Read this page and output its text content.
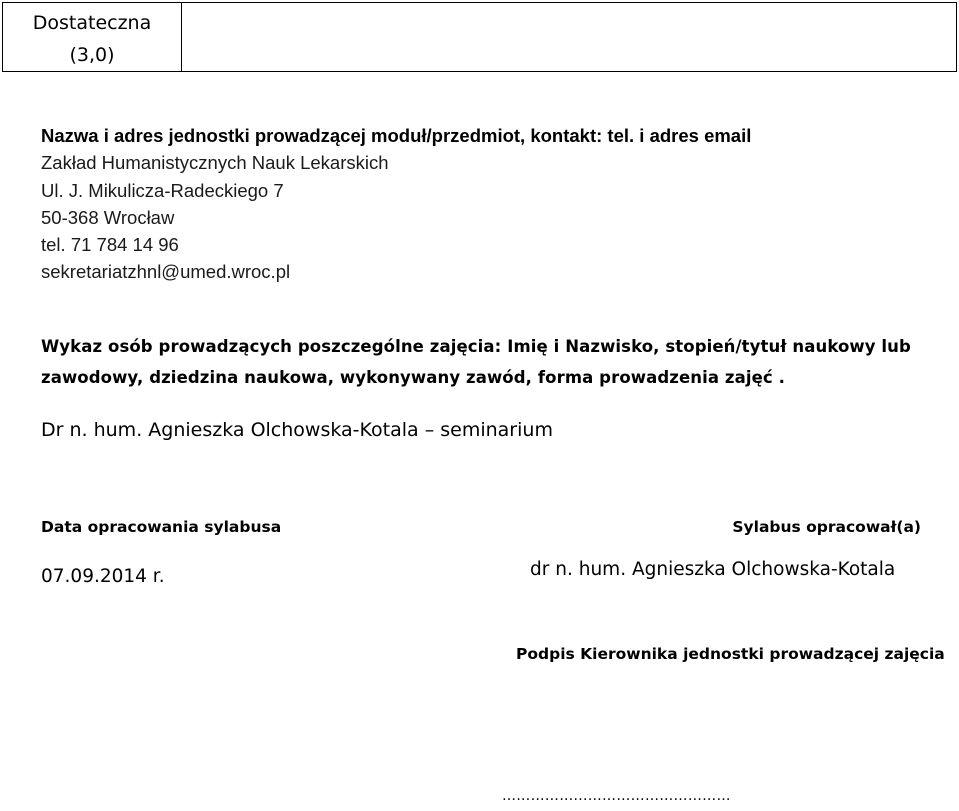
Dostateczna
(3,0)
Nazwa i adres jednostki prowadzącej moduł/przedmiot, kontakt: tel. i adres email
Zakład Humanistycznych Nauk Lekarskich
Ul. J. Mikulicza-Radeckiego 7
50-368 Wrocław
tel. 71 784 14 96
sekretariatzhnl@umed.wroc.pl
Wykaz osób prowadzących poszczególne zajęcia: Imię i Nazwisko, stopień/tytuł naukowy lub
zawodowy, dziedzina naukowa, wykonywany zawód, forma prowadzenia zajęć .
Dr n. hum. Agnieszka Olchowska-Kotala – seminarium
Data opracowania sylabusa
07.09.2014 r.
Sylabus opracował(a)
dr n. hum. Agnieszka Olchowska-Kotala
Podpis Kierownika jednostki prowadzącej zajęcia
……………...…………………………
